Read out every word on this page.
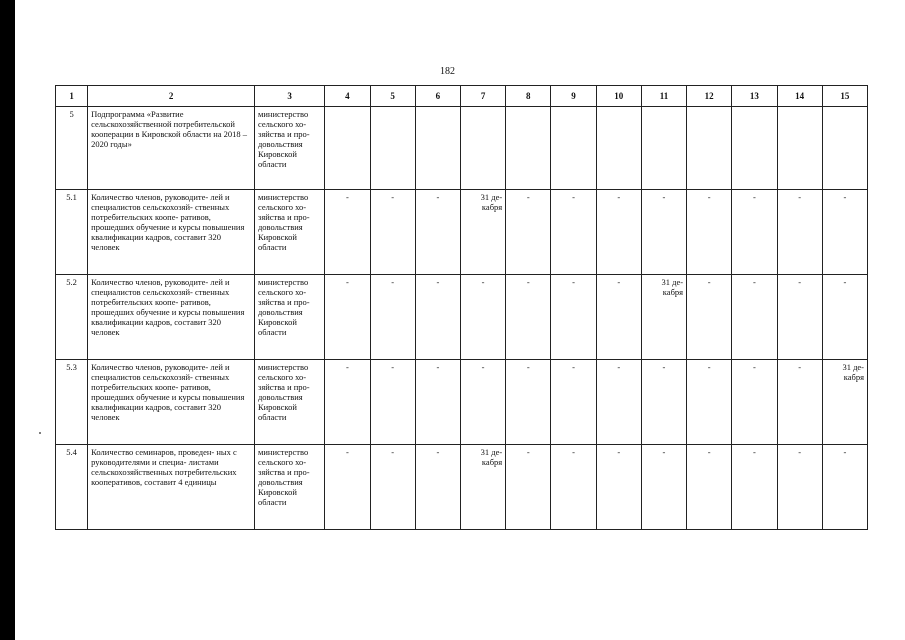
182
1	2	3	4	5	6	7	8	9	10	11	12	13	14	15
5	Подпрограмма «Развитие сельскохозяйственной потребительской кооперации в Кировской области на 2018 – 2020 годы»	министерство сельского хо- зяйства и про- довольствия Кировской области												
5.1	Количество членов, руководите- лей и специалистов сельскохозяй- ственных потребительских коопе- ративов, прошедших обучение и курсы повышения квалификации кадров, составит 320 человек	министерство сельского хо- зяйства и про- довольствия Кировской области	-	-	-	31 де- кабря	-	-	-	-	-	-	-	-
5.2	Количество членов, руководите- лей и специалистов сельскохозяй- ственных потребительских коопе- ративов, прошедших обучение и курсы повышения квалификации кадров, составит 320 человек	министерство сельского хо- зяйства и про- довольствия Кировской области	-	-	-	-	-	-	-	31 де- кабря	-	-	-	-
5.3	Количество членов, руководите- лей и специалистов сельскохозяй- ственных потребительских коопе- ративов, прошедших обучение и курсы повышения квалификации кадров, составит 320 человек	министерство сельского хо- зяйства и про- довольствия Кировской области	-	-	-	-	-	-	-	-	-	-	-	31 де- кабря
5.4	Количество семинаров, проведен- ных с руководителями и специа- листами сельскохозяйственных потребительских кооперативов, составит 4 единицы	министерство сельского хо- зяйства и про- довольствия Кировской области	-	-	-	31 де- кабря	-	-	-	-	-	-	-	-
